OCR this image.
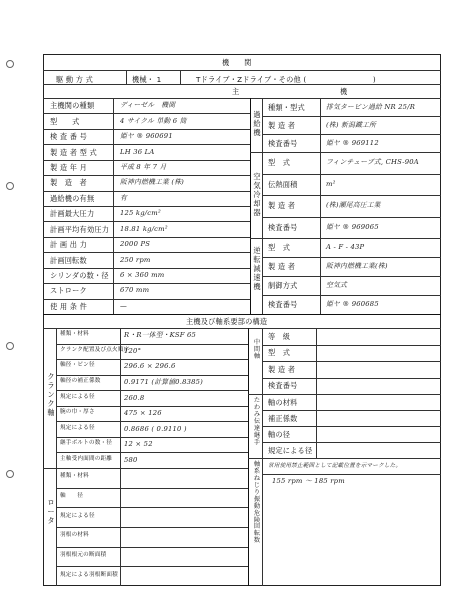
機　　関
駆 動 方 式	機械・ 1	Tドライブ・Zドライブ・その他 (　　　　　　　　　)
主	機
主機関の種類	ディーゼル　機関
型　　式	4 サイクル 単動 6 筒
検 査 番 号	姫ヤ ® 960691
製 造 者 型 式	LH 36 LA
製 造 年 月	平成 8 年 7 月
製　造　者	阪神内燃機工業 (株)
過給機の有無	有
計画最大圧力	125 kg/cm²
計画平均有効圧力 18.81 kg/cm²
計 画 出 力	2000 PS
計画回転数	250 rpm
シリンダの数・径 6 × 360 mm
ストローク	670 mm
使 用 条 件	—
過給機
種類・型式	排気タービン過給 NR 25/R
製 造 者	(株) 新潟鐵工所
検査番号	姫ヤ ® 969112
空気冷却器
型　式	フィンチューブ式, CHS-90A
伝熱面積	m²
製 造 者	(株)瀬尾高圧工業
検査番号	姫ヤ ® 969065
逆転減速機
型　式	A - F - 43P
製 造 者	阪神内燃機工業(株)
制御方式	空気式
検査番号	姫ヤ ® 960685
主機及び軸系要部の構造
クランク軸
種類・材料	R・R一体型・KSF 65
クランク配置及び点火順序
120°
軸径・ピン径	296.6 × 296.6
軸径の補正係数	0.9171 (計算値0.8385)
規定による径	260.8
腕の巾・厚さ	475 × 126
規定による径	0.8686 ( 0.9110 )
継手ボルトの数・径 12 × 52
主軸受内面間の距離 580
ロータ
種類・材料
軸　　径
規定による径
羽根の材料
羽根根元の断面積
規定による羽根断面積
中間軸
等　級
型　式
製 造 者
検査番号
たわみ伝達継手
軸の材料
補正係数
軸の径
規定による径
軸系ねじり振動危険回転数
常用使用禁止範囲として記載位置を示マークした。
155 rpm ～ 185 rpm
